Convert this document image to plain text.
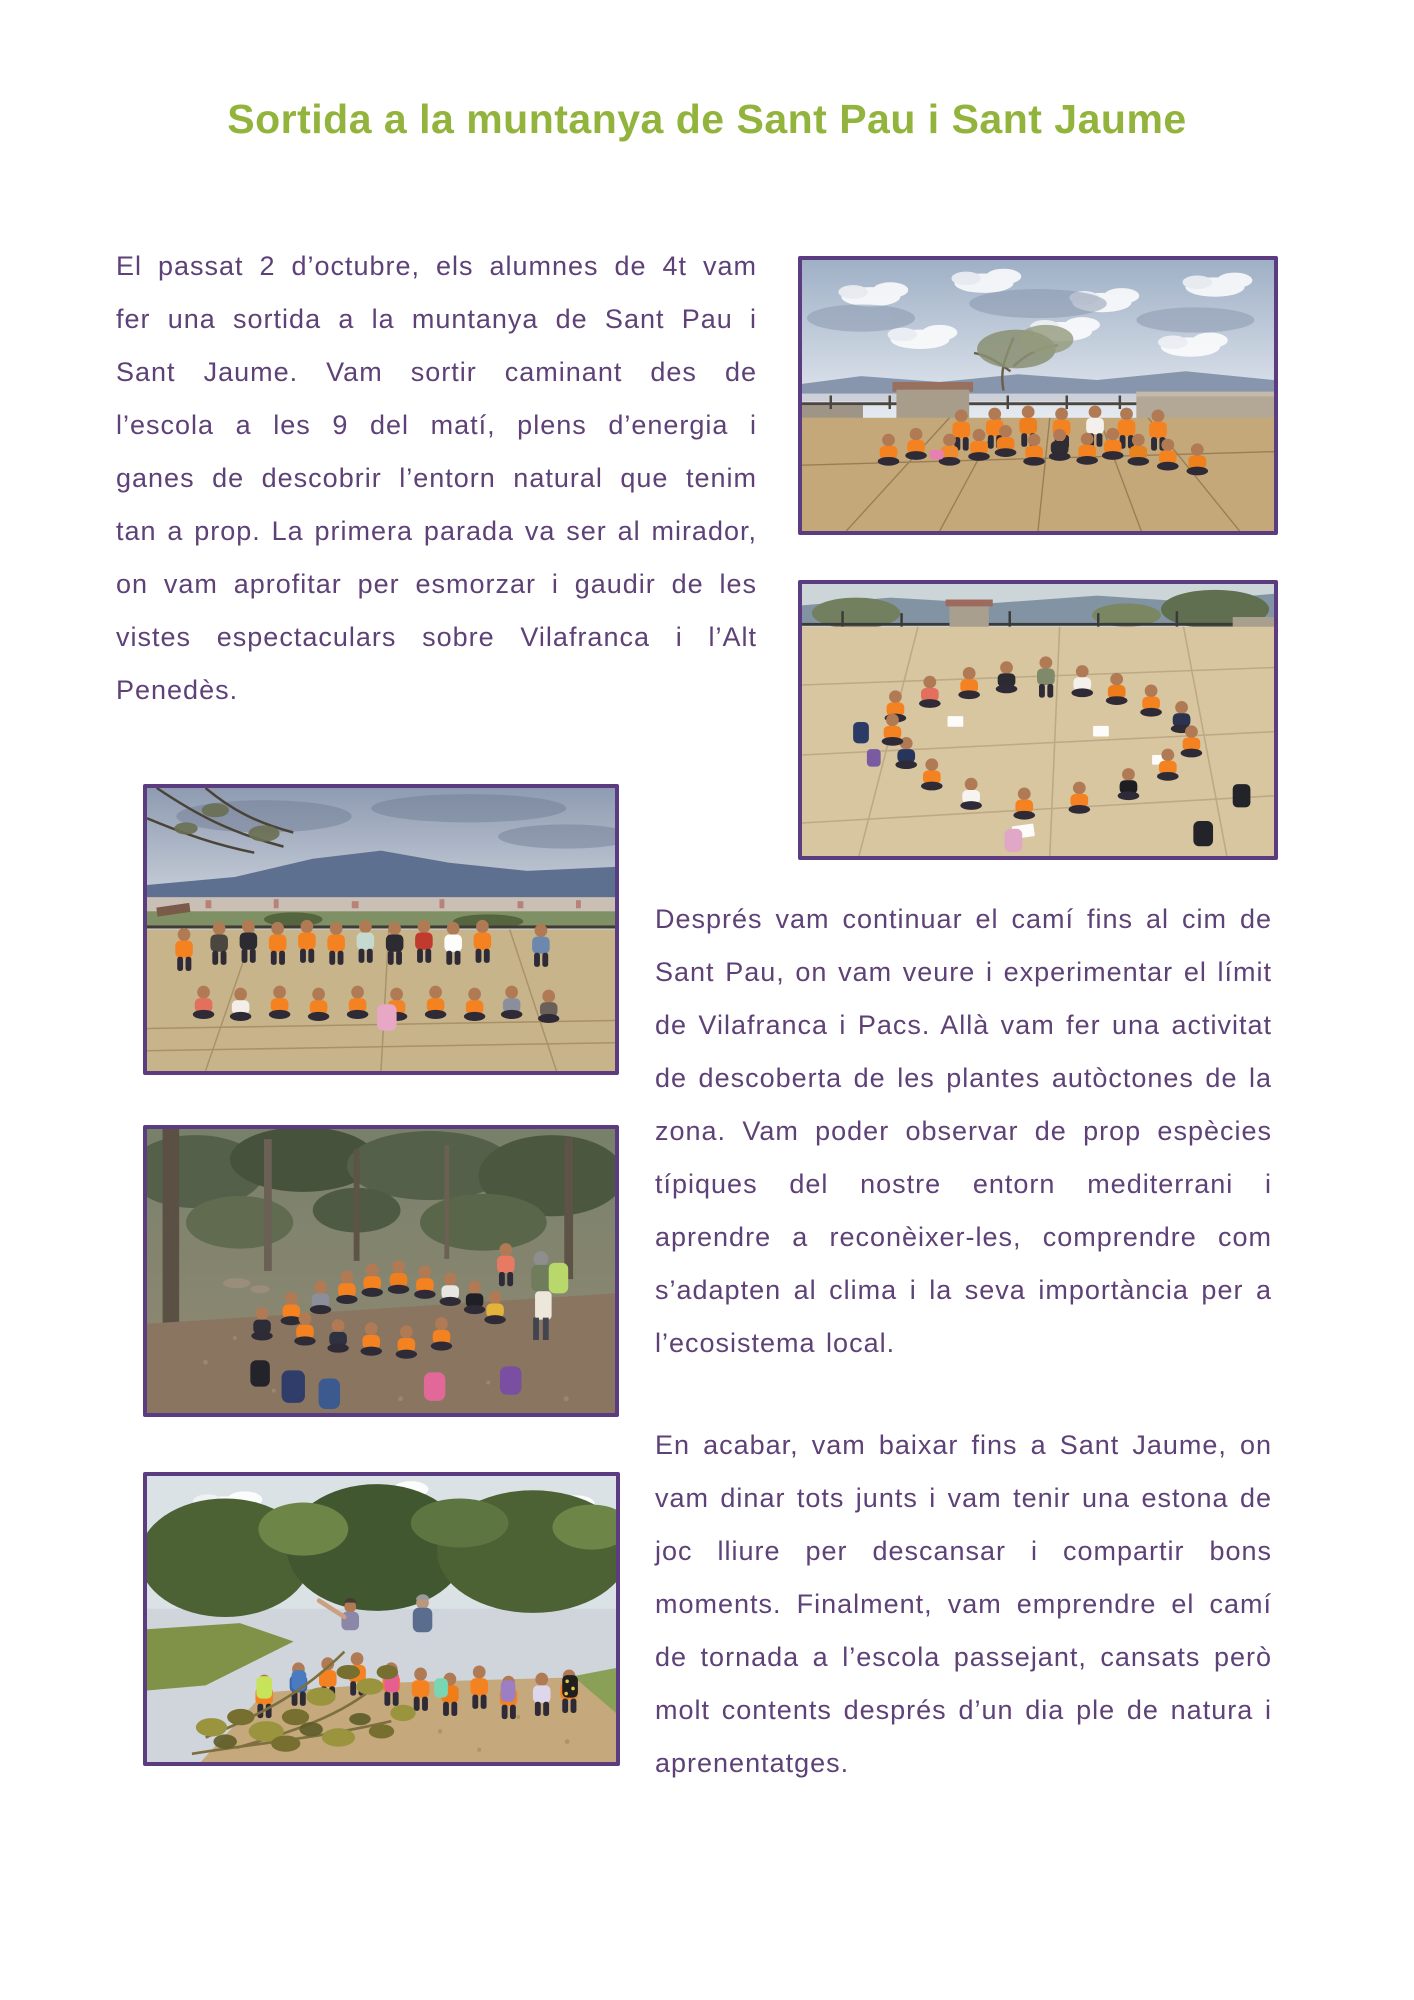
Sortida a la muntanya de Sant Pau i Sant Jaume

El passat 2 d’octubre, els alumnes de 4t vam fer una sortida a la muntanya de Sant Pau i Sant Jaume. Vam sortir caminant des de l’escola a les 9 del matí, plens d’energia i ganes de descobrir l’entorn natural que tenim tan a prop. La primera parada va ser al mirador, on vam aprofitar per esmorzar i gaudir de les vistes espectaculars sobre Vilafranca i l’Alt Penedès.

Després vam continuar el camí fins al cim de Sant Pau, on vam veure i experimentar el límit de Vilafranca i Pacs. Allà vam fer una activitat de descoberta de les plantes autòctones de la zona. Vam poder observar de prop espècies típiques del nostre entorn mediterrani i aprendre a reconèixer-les, comprendre com s’adapten al clima i la seva importància per a l’ecosistema local.

En acabar, vam baixar fins a Sant Jaume, on vam dinar tots junts i vam tenir una estona de joc lliure per descansar i compartir bons moments. Finalment, vam emprendre el camí de tornada a l’escola passejant, cansats però molt contents després d’un dia ple de natura i aprenentatges.
